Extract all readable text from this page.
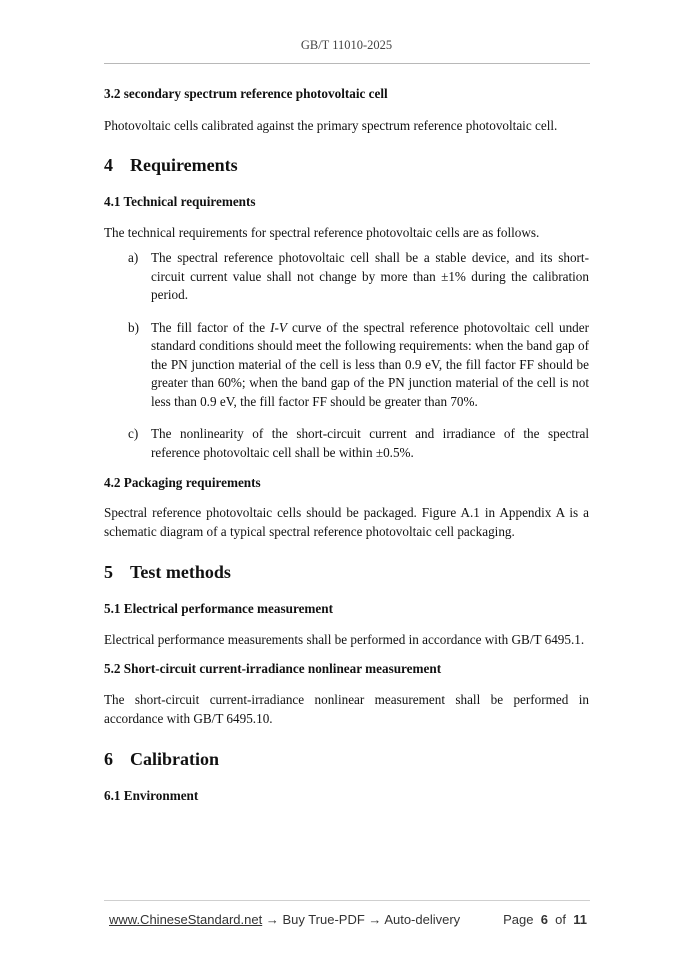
GB/T 11010-2025

3.2 secondary spectrum reference photovoltaic cell

Photovoltaic cells calibrated against the primary spectrum reference photovoltaic cell.

4 Requirements

4.1 Technical requirements

The technical requirements for spectral reference photovoltaic cells are as follows.

a) The spectral reference photovoltaic cell shall be a stable device, and its short-circuit current value shall not change by more than ±1% during the calibration period.
b) The fill factor of the I-V curve of the spectral reference photovoltaic cell under standard conditions should meet the following requirements: when the band gap of the PN junction material of the cell is less than 0.9 eV, the fill factor FF should be greater than 60%; when the band gap of the PN junction material of the cell is not less than 0.9 eV, the fill factor FF should be greater than 70%.
c) The nonlinearity of the short-circuit current and irradiance of the spectral reference photovoltaic cell shall be within ±0.5%.

4.2 Packaging requirements

Spectral reference photovoltaic cells should be packaged. Figure A.1 in Appendix A is a schematic diagram of a typical spectral reference photovoltaic cell packaging.

5 Test methods

5.1 Electrical performance measurement

Electrical performance measurements shall be performed in accordance with GB/T 6495.1.

5.2 Short-circuit current-irradiance nonlinear measurement

The short-circuit current-irradiance nonlinear measurement shall be performed in accordance with GB/T 6495.10.

6 Calibration

6.1 Environment

www.ChineseStandard.net → Buy True-PDF → Auto-delivery	Page 6 of 11
